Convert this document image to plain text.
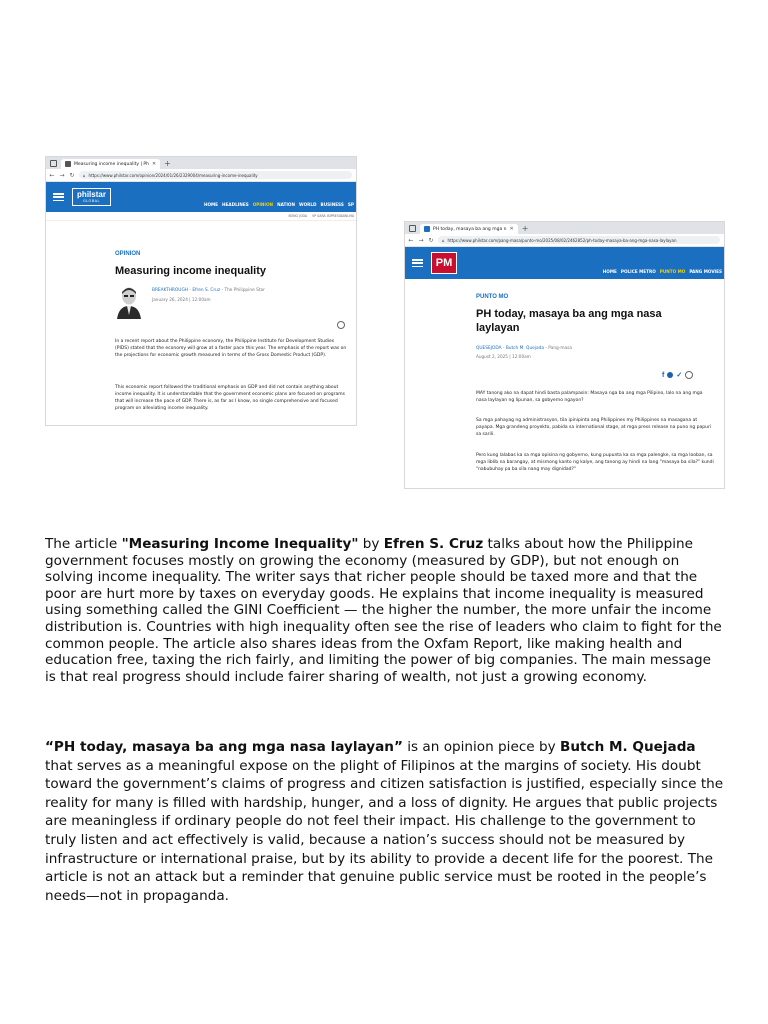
Measuring income inequality | Ph ✕ +
← → ↻ ⌂ https://www.philstar.com/opinion/2024/01/26/2329004/measuring-income-inequality
philstar
GLOBAL
HOME HEADLINES OPINION NATION WORLD BUSINESS SP
BONG JODA VP SARA ISIPRESIDAWLMA
OPINION
Measuring income inequality
BREAKTHROUGH - Efren S. Cruz - The Philippine Star
January 26, 2024 | 12:00am
In a recent report about the Philippine economy, the Philippine Institute for Development Studies (PIDS) stated that the economy will grow at a faster pace this year. The emphasis of the report was on the projections for economic growth measured in terms of the Gross Domestic Product (GDP).
This economic report followed the traditional emphasis on GDP and did not contain anything about income inequality. It is understandable that the government economic plans are focused on programs that will increase the pace of GDP. There is, as far as I know, no single comprehensive and focused program on alleviating income inequality.
PH today, masaya ba ang mga n ✕ +
← → ↻ ⌂ https://www.philstar.com/pang-masa/punto-mo/2025/08/02/2462852/ph-today-masaya-ba-ang-mga-nasa-laylayan
PM
HOME POLICE METRO PUNTO MO PANG MOVIES
PUNTO MO
PH today, masaya ba ang mga nasa laylayan
QUESEJODA - Butch M. Quejada - Pang-masa
August 2, 2025 | 12:00am
f ✓
MAY tanong ako na dapat hindi basta palampasin: Masaya nga ba ang mga Pilipino, lalo na ang mga nasa laylayan ng lipunan, sa gobyerno ngayon?
Sa mga pahayag ng administrasyon, tila ipinipinta ang Philippines my Philippines na masagana at payapa. Mga grandeng proyekto, pabida sa international stage, at mga press release na puno ng papuri sa sarili.
Pero kung lalabas ka sa mga opisina ng gobyerno, kung pupunta ka sa mga palengke, sa mga looban, sa mga liblib na barangay, at mismong kanto ng kalye, ang tanong ay hindi na lang "masaya ba sila?" kundi "nabubuhay pa ba sila nang may dignidad?"
The article "Measuring Income Inequality" by Efren S. Cruz talks about how the Philippine government focuses mostly on growing the economy (measured by GDP), but not enough on solving income inequality. The writer says that richer people should be taxed more and that the poor are hurt more by taxes on everyday goods. He explains that income inequality is measured using something called the GINI Coefficient — the higher the number, the more unfair the income distribution is. Countries with high inequality often see the rise of leaders who claim to fight for the common people. The article also shares ideas from the Oxfam Report, like making health and education free, taxing the rich fairly, and limiting the power of big companies. The main message is that real progress should include fairer sharing of wealth, not just a growing economy.
“PH today, masaya ba ang mga nasa laylayan” is an opinion piece by Butch M. Quejada that serves as a meaningful expose on the plight of Filipinos at the margins of society. His doubt toward the government’s claims of progress and citizen satisfaction is justified, especially since the reality for many is filled with hardship, hunger, and a loss of dignity. He argues that public projects are meaningless if ordinary people do not feel their impact. His challenge to the government to truly listen and act effectively is valid, because a nation’s success should not be measured by infrastructure or international praise, but by its ability to provide a decent life for the poorest. The article is not an attack but a reminder that genuine public service must be rooted in the people’s needs—not in propaganda.
